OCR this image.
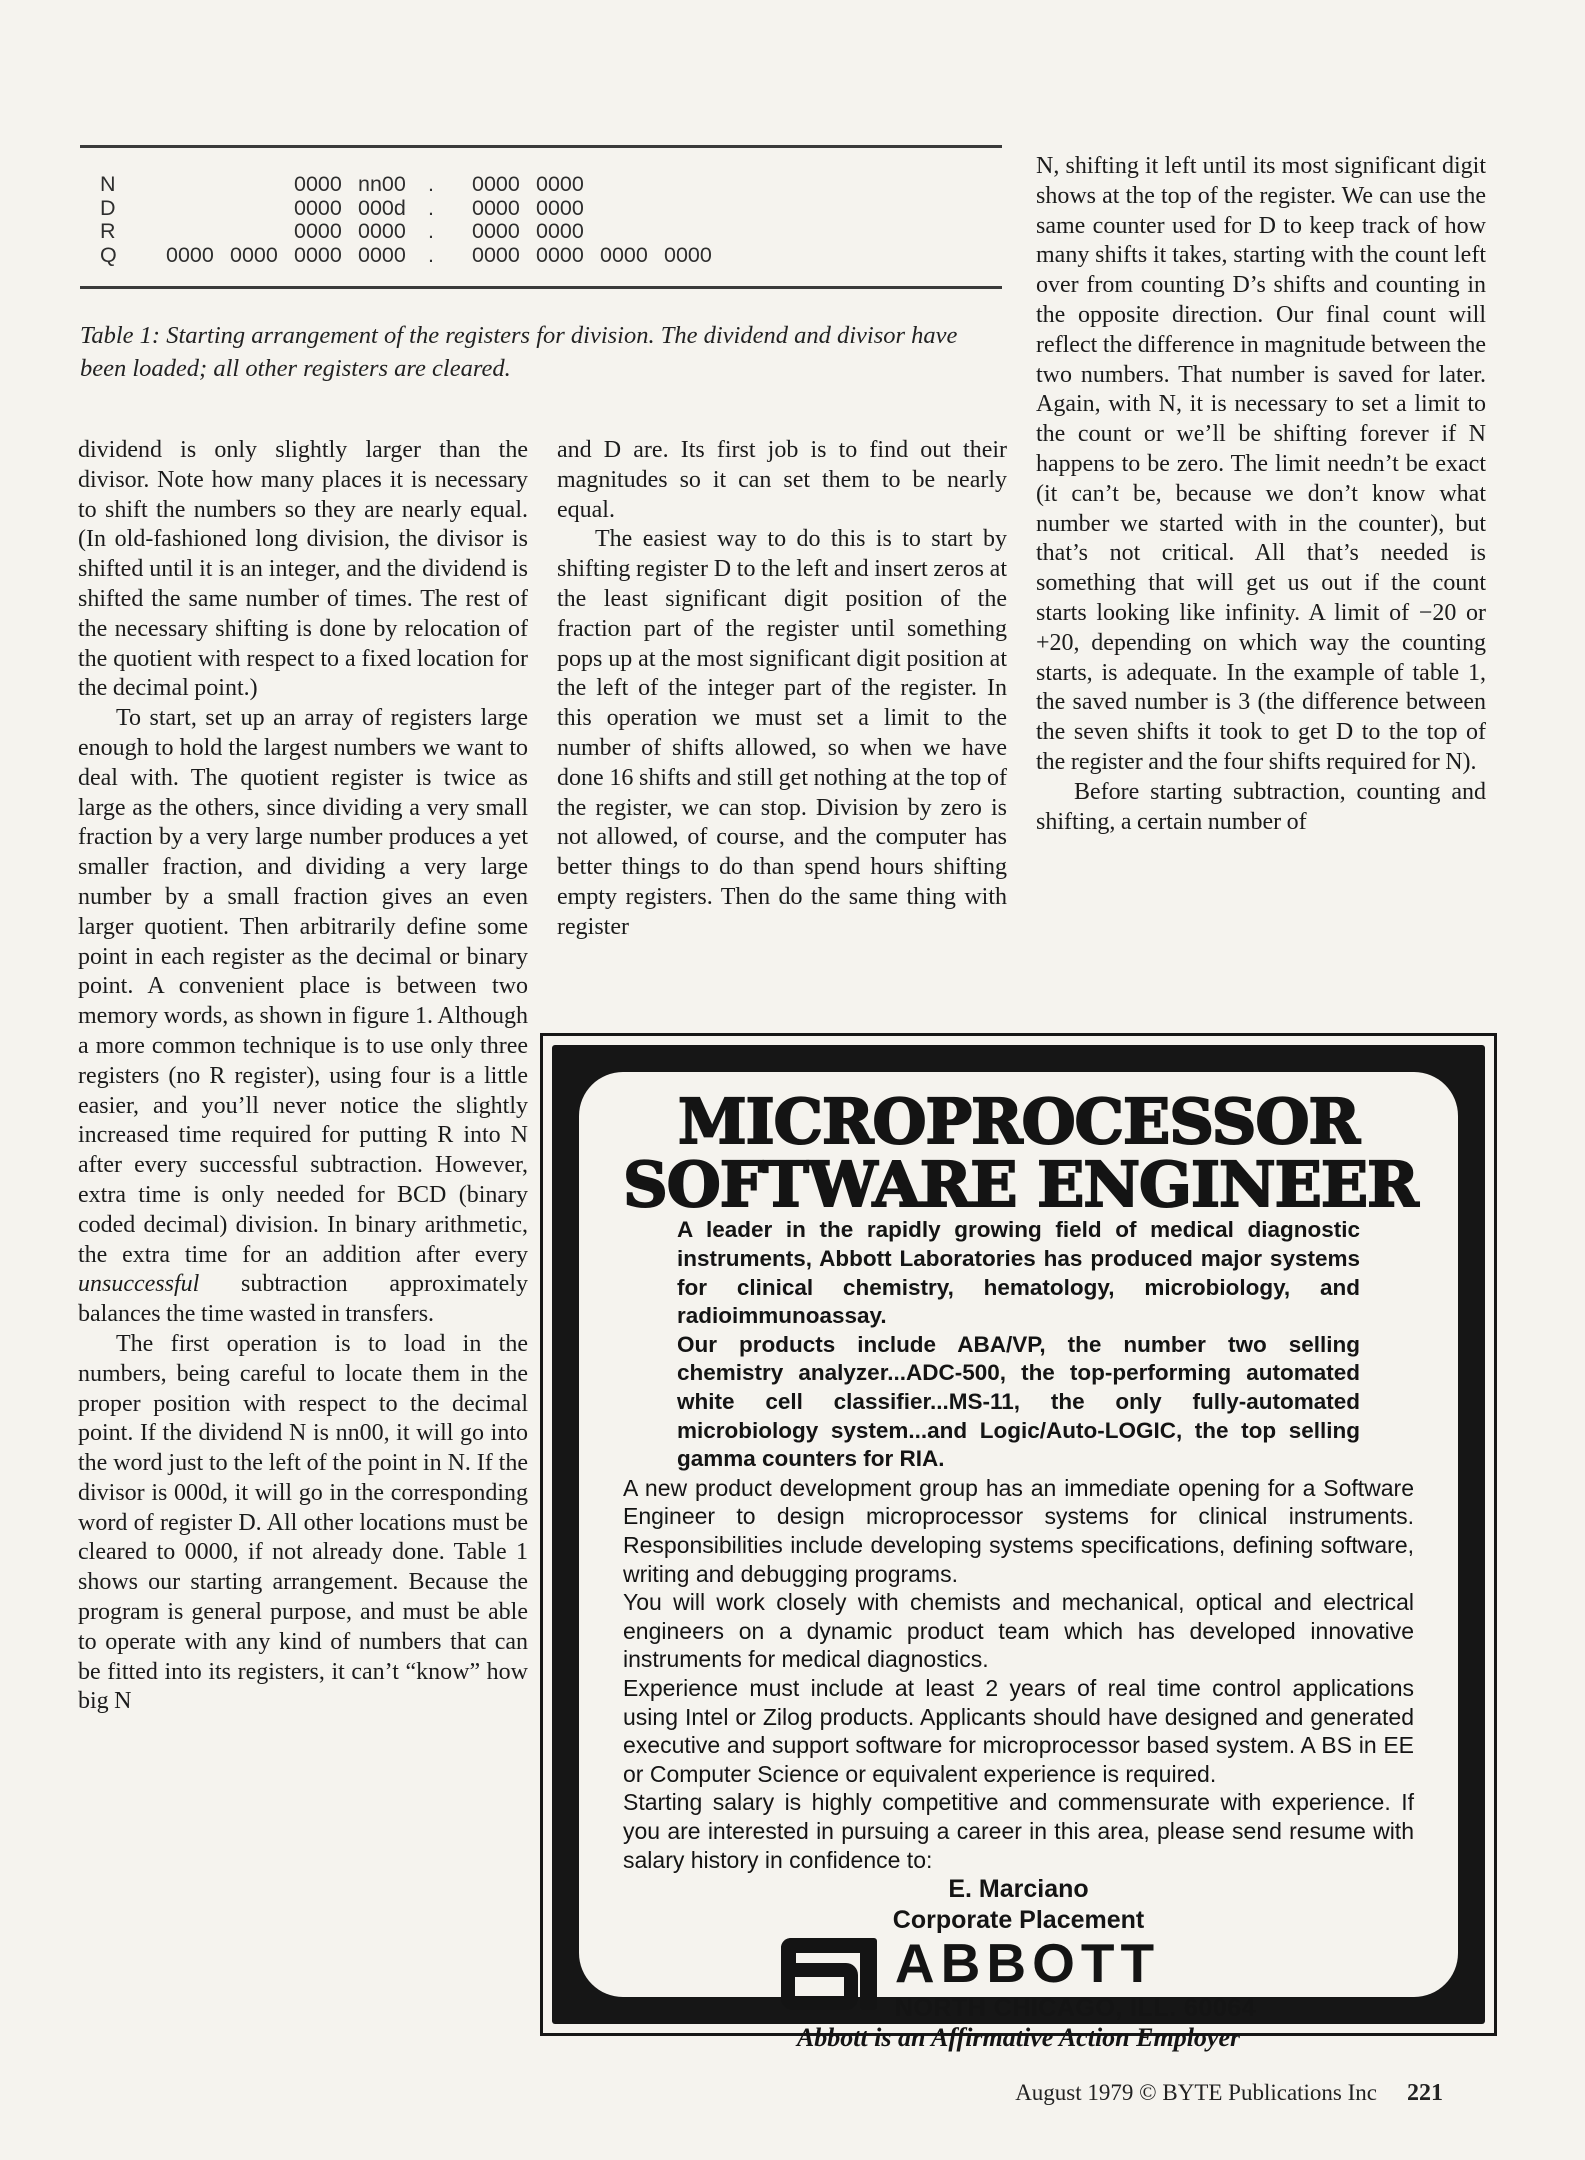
N	0000 nn00	.	0000 0000
D	0000 000d	.	0000 0000
R	0000 0000	.	0000 0000
Q	0000 0000 0000 0000	.	0000 0000 0000 0000
Table 1: Starting arrangement of the registers for division. The dividend and divisor have been loaded; all other registers are cleared.

dividend is only slightly larger than the divisor. Note how many places it is necessary to shift the numbers so they are nearly equal. (In old-fashioned long division, the divisor is shifted until it is an integer, and the dividend is shifted the same number of times. The rest of the necessary shifting is done by relocation of the quotient with respect to a fixed location for the decimal point.)

To start, set up an array of registers large enough to hold the largest numbers we want to deal with. The quotient register is twice as large as the others, since dividing a very small fraction by a very large number produces a yet smaller fraction, and dividing a very large number by a small fraction gives an even larger quotient. Then arbitrarily define some point in each register as the decimal or binary point. A convenient place is between two memory words, as shown in figure 1. Although a more common technique is to use only three registers (no R register), using four is a little easier, and you’ll never notice the slightly increased time required for putting R into N after every successful subtraction. However, extra time is only needed for BCD (binary coded decimal) division. In binary arithmetic, the extra time for an addition after every unsuccessful subtraction approximately balances the time wasted in transfers.

The first operation is to load in the numbers, being careful to locate them in the proper position with respect to the decimal point. If the dividend N is nn00, it will go into the word just to the left of the point in N. If the divisor is 000d, it will go in the corresponding word of register D. All other locations must be cleared to 0000, if not already done. Table 1 shows our starting arrangement. Because the program is general purpose, and must be able to operate with any kind of numbers that can be fitted into its registers, it can’t “know” how big N

and D are. Its first job is to find out their magnitudes so it can set them to be nearly equal.

The easiest way to do this is to start by shifting register D to the left and insert zeros at the least significant digit position of the fraction part of the register until something pops up at the most significant digit position at the left of the integer part of the register. In this operation we must set a limit to the number of shifts allowed, so when we have done 16 shifts and still get nothing at the top of the register, we can stop. Division by zero is not allowed, of course, and the computer has better things to do than spend hours shifting empty registers. Then do the same thing with register

N, shifting it left until its most significant digit shows at the top of the register. We can use the same counter used for D to keep track of how many shifts it takes, starting with the count left over from counting D’s shifts and counting in the opposite direction. Our final count will reflect the difference in magnitude between the two numbers. That number is saved for later. Again, with N, it is necessary to set a limit to the count or we’ll be shifting forever if N happens to be zero. The limit needn’t be exact (it can’t be, because we don’t know what number we started with in the counter), but that’s not critical. All that’s needed is something that will get us out if the count starts looking like infinity. A limit of −20 or +20, depending on which way the counting starts, is adequate. In the example of table 1, the saved number is 3 (the difference between the seven shifts it took to get D to the top of the register and the four shifts required for N).

Before starting subtraction, counting and shifting, a certain number of

MICROPROCESSOR
SOFTWARE ENGINEER

A leader in the rapidly growing field of medical diagnostic instruments, Abbott Laboratories has produced major systems for clinical chemistry, hematology, microbiology, and radioimmunoassay.

Our products include ABA/VP, the number two selling chemistry analyzer...ADC-500, the top-performing automated white cell classifier...MS-11, the only fully-automated microbiology system...and Logic/Auto-LOGIC, the top selling gamma counters for RIA.

A new product development group has an immediate opening for a Software Engineer to design microprocessor systems for clinical instruments. Responsibilities include developing systems specifications, defining software, writing and debugging programs.

You will work closely with chemists and mechanical, optical and electrical engineers on a dynamic product team which has developed innovative instruments for medical diagnostics.

Experience must include at least 2 years of real time control applications using Intel or Zilog products. Applicants should have designed and generated executive and support software for microprocessor based system. A BS in EE or Computer Science or equivalent experience is required.

Starting salary is highly competitive and commensurate with experience. If you are interested in pursuing a career in this area, please send resume with salary history in confidence to:

E. Marciano
Corporate Placement
ABBOTT
NORTH CHICAGO, ILL. 60064
Abbott is an Affirmative Action Employer
August 1979 © BYTE Publications Inc 221
